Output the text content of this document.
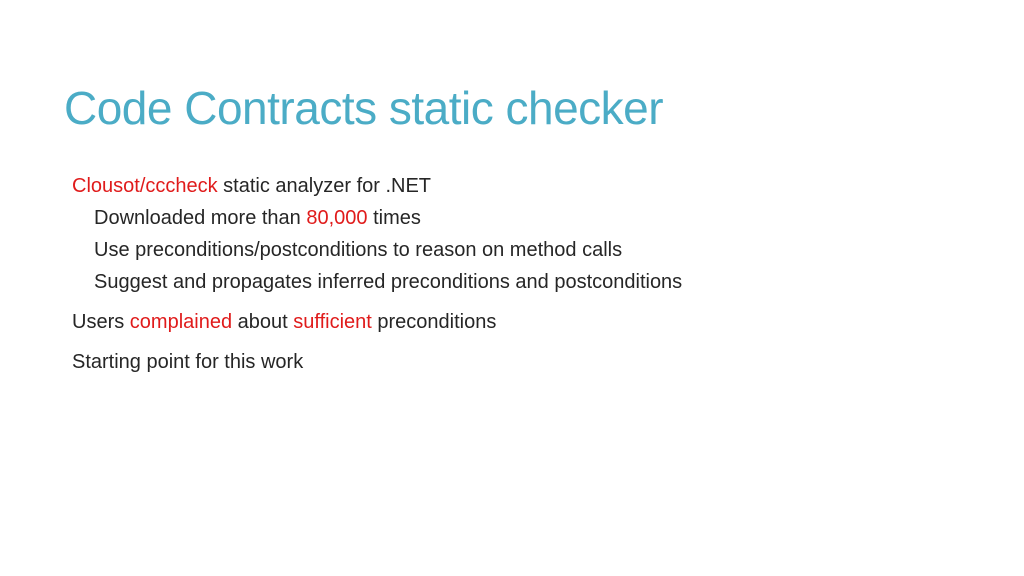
Code Contracts static checker
Clousot/cccheck static analyzer for .NET
Downloaded more than 80,000 times
Use preconditions/postconditions to reason on method calls
Suggest and propagates inferred preconditions and postconditions
Users complained about sufficient preconditions
Starting point for this work
